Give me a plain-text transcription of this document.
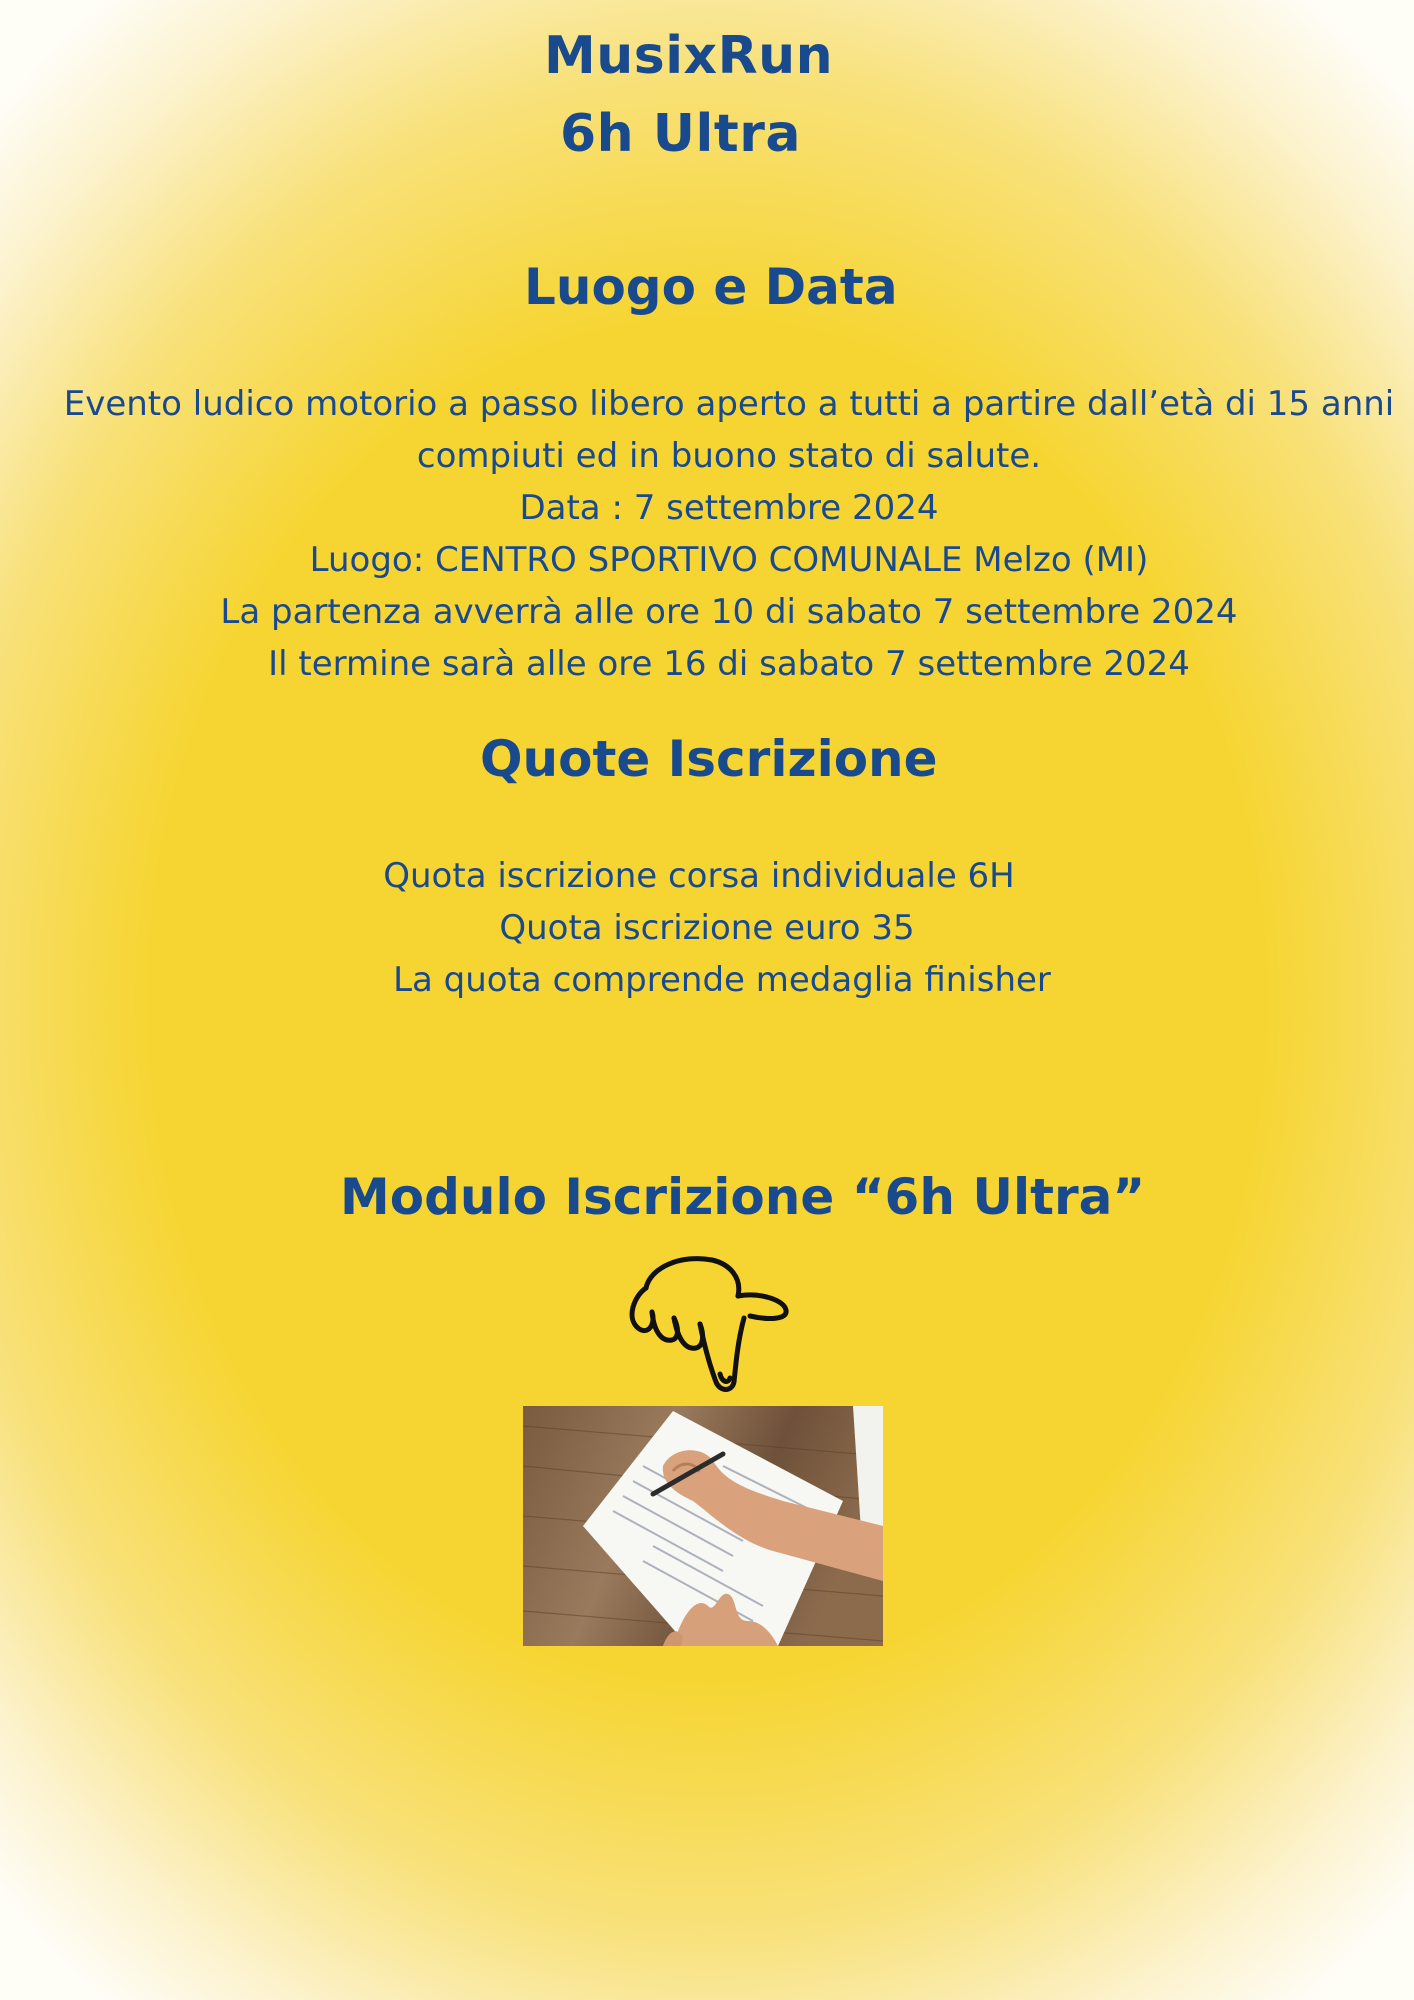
MusixRun
6h Ultra
Luogo e Data
Evento ludico motorio a passo libero aperto a tutti a partire dall’età di 15 anni
compiuti ed in buono stato di salute.
Data : 7 settembre 2024
Luogo: CENTRO SPORTIVO COMUNALE Melzo (MI)
La partenza avverrà alle ore 10 di sabato 7 settembre 2024
Il termine sarà alle ore 16 di sabato 7 settembre 2024
Quote Iscrizione
Quota iscrizione corsa individuale 6H
Quota iscrizione euro 35
La quota comprende medaglia finisher
Modulo Iscrizione “6h Ultra”
